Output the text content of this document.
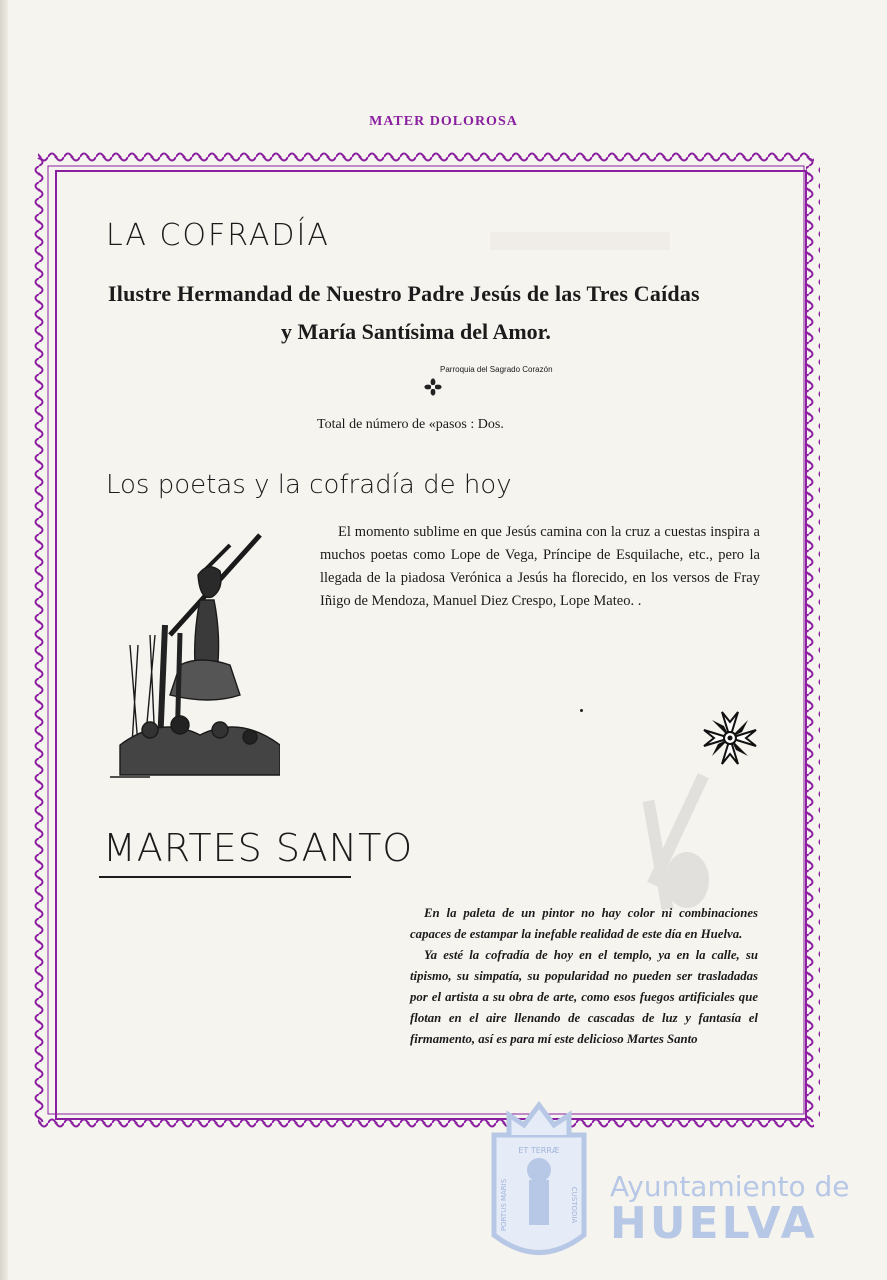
MATER DOLOROSA
LA COFRADÍA
Ilustre Hermandad de Nuestro Padre Jesús de las Tres Caídas
y María Santísima del Amor.
Parroquia del Sagrado Corazón
Total de número de «pasos : Dos.
Los poetas y la cofradía de hoy

El momento sublime en que Jesús camina con la cruz a cuestas inspira a muchos poetas como Lope de Vega, Príncipe de Esquilache, etc., pero la llegada de la piadosa Verónica a Jesús ha florecido, en los versos de Fray Iñigo de Mendoza, Manuel Diez Crespo, Lope Mateo. .

MARTES SANTO

En la paleta de un pintor no hay color ni combinaciones capaces de estampar la inefable realidad de este día en Huelva.

Ya esté la cofradía de hoy en el templo, ya en la calle, su tipismo, su simpatía, su popularidad no pueden ser trasladadas por el artista a su obra de arte, como esos fuegos artificiales que flotan en el aire llenando de cascadas de luz y fantasía el firmamento, así es para mí este delicioso Martes Santo

ET TERRÆ
PORTUS MARIS	CUSTODIA
Ayuntamiento de
HUELVA
